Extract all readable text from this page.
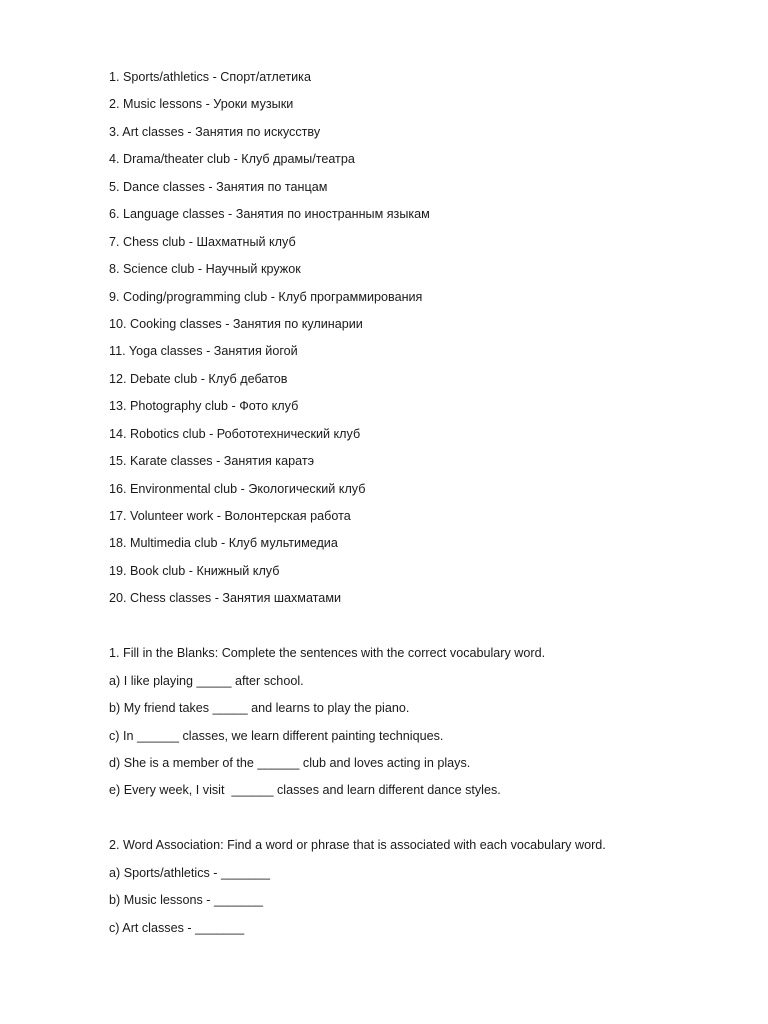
1. Sports/athletics - Спорт/атлетика
2. Music lessons - Уроки музыки
3. Art classes - Занятия по искусству
4. Drama/theater club - Клуб драмы/театра
5. Dance classes - Занятия по танцам
6. Language classes - Занятия по иностранным языкам
7. Chess club - Шахматный клуб
8. Science club - Научный кружок
9. Coding/programming club - Клуб программирования
10. Cooking classes - Занятия по кулинарии
11. Yoga classes - Занятия йогой
12. Debate club - Клуб дебатов
13. Photography club - Фото клуб
14. Robotics club - Робототехнический клуб
15. Karate classes - Занятия каратэ
16. Environmental club - Экологический клуб
17. Volunteer work - Волонтерская работа
18. Multimedia club - Клуб мультимедиа
19. Book club - Книжный клуб
20. Chess classes - Занятия шахматами
1. Fill in the Blanks: Complete the sentences with the correct vocabulary word.
a) I like playing _____ after school.
b) My friend takes _____ and learns to play the piano.
c) In ______ classes, we learn different painting techniques.
d) She is a member of the ______ club and loves acting in plays.
e) Every week, I visit  ______ classes and learn different dance styles.
2. Word Association: Find a word or phrase that is associated with each vocabulary word.
a) Sports/athletics - _______
b) Music lessons - _______
c) Art classes - _______
